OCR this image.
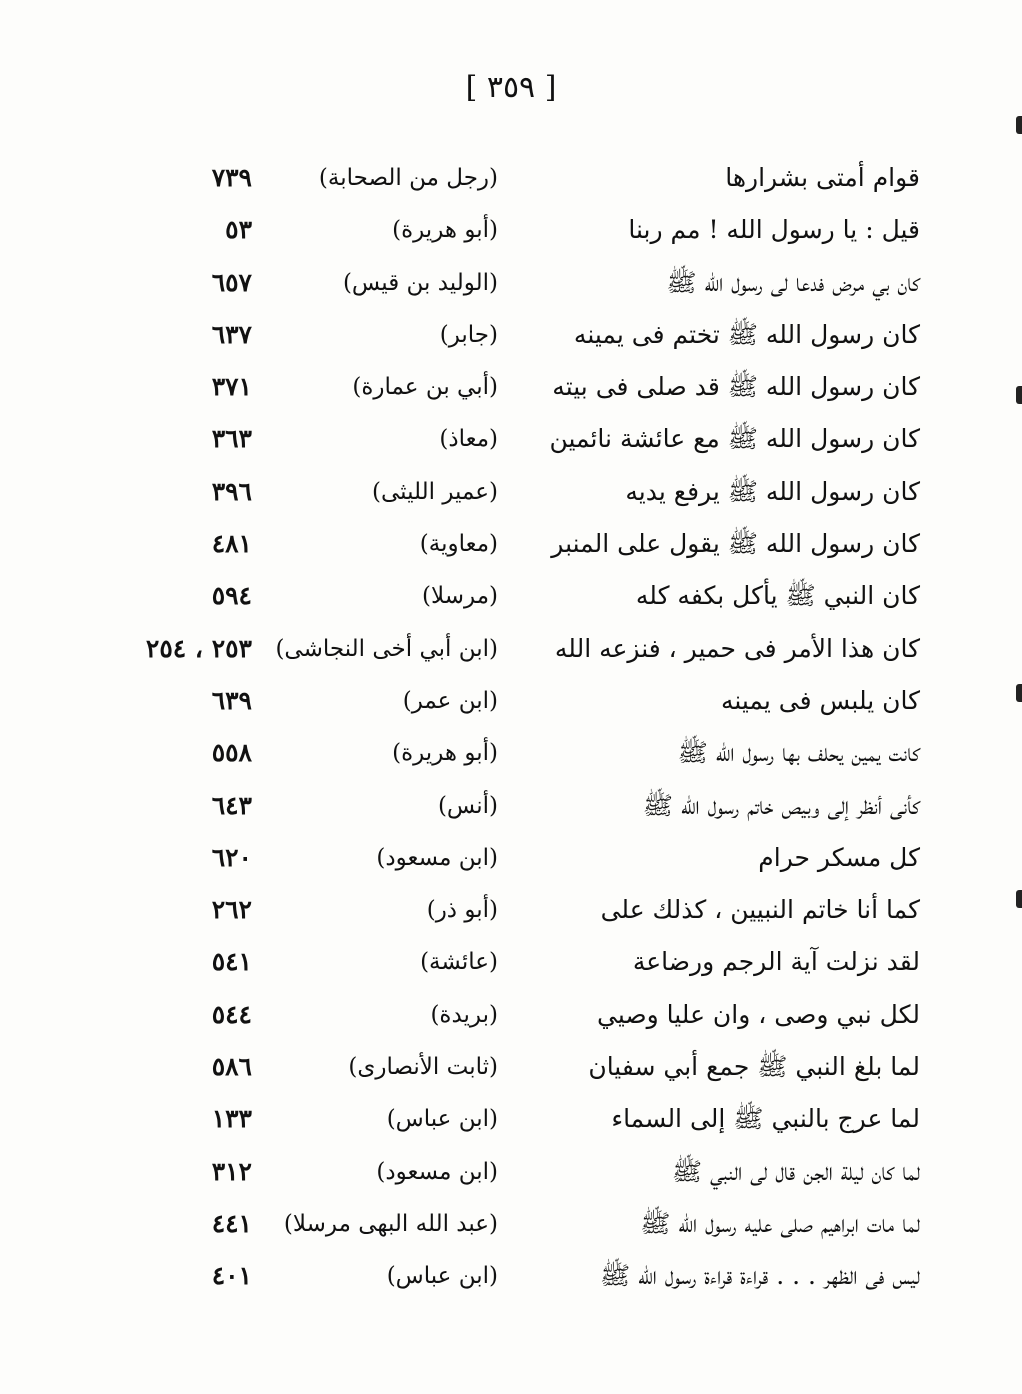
[ ٣٥٩ ]
قوام أمتى بشرارها
(رجل من الصحابة)
٧٣٩
قيل : يا رسول الله ! مم ربنا
(أبو هريرة)
٥٣
كان بي مرض فدعا لى رسول الله ﷺ
(الوليد بن قيس)
٦٥٧
كان رسول الله ﷺ تختم فى يمينه
(جابر)
٦٣٧
كان رسول الله ﷺ قد صلى فى بيته
(أبي بن عمارة)
٣٧١
كان رسول الله ﷺ مع عائشة نائمين
(معاذ)
٣٦٣
كان رسول الله ﷺ يرفع يديه
(عمير الليثى)
٣٩٦
كان رسول الله ﷺ يقول على المنبر
(معاوية)
٤٨١
كان النبي ﷺ يأكل بكفه كله
(مرسلا)
٥٩٤
كان هذا الأمر فى حمير ، فنزعه الله
(ابن أبي أخى النجاشى)
٢٥٣ ، ٢٥٤
كان يلبس فى يمينه
(ابن عمر)
٦٣٩
كانت يمين يحلف بها رسول الله ﷺ
(أبو هريرة)
٥٥٨
كأنى أنظر إلى وبيص خاتم رسول الله ﷺ
(أنس)
٦٤٣
كل مسكر حرام
(ابن مسعود)
٦٢٠
كما أنا خاتم النبيين ، كذلك على
(أبو ذر)
٢٦٢
لقد نزلت آية الرجم ورضاعة
(عائشة)
٥٤١
لكل نبي وصى ، وان عليا وصيي
(بريدة)
٥٤٤
لما بلغ النبي ﷺ جمع أبي سفيان
(ثابت الأنصارى)
٥٨٦
لما عرج بالنبي ﷺ إلى السماء
(ابن عباس)
١٣٣
لما كان ليلة الجن قال لى النبي ﷺ
(ابن مسعود)
٣١٢
لما مات ابراهيم صلى عليه رسول الله ﷺ
(عبد الله البهى مرسلا)
٤٤١
ليس فى الظهر . . . قراءة قراءة رسول الله ﷺ
(ابن عباس)
٤٠١
